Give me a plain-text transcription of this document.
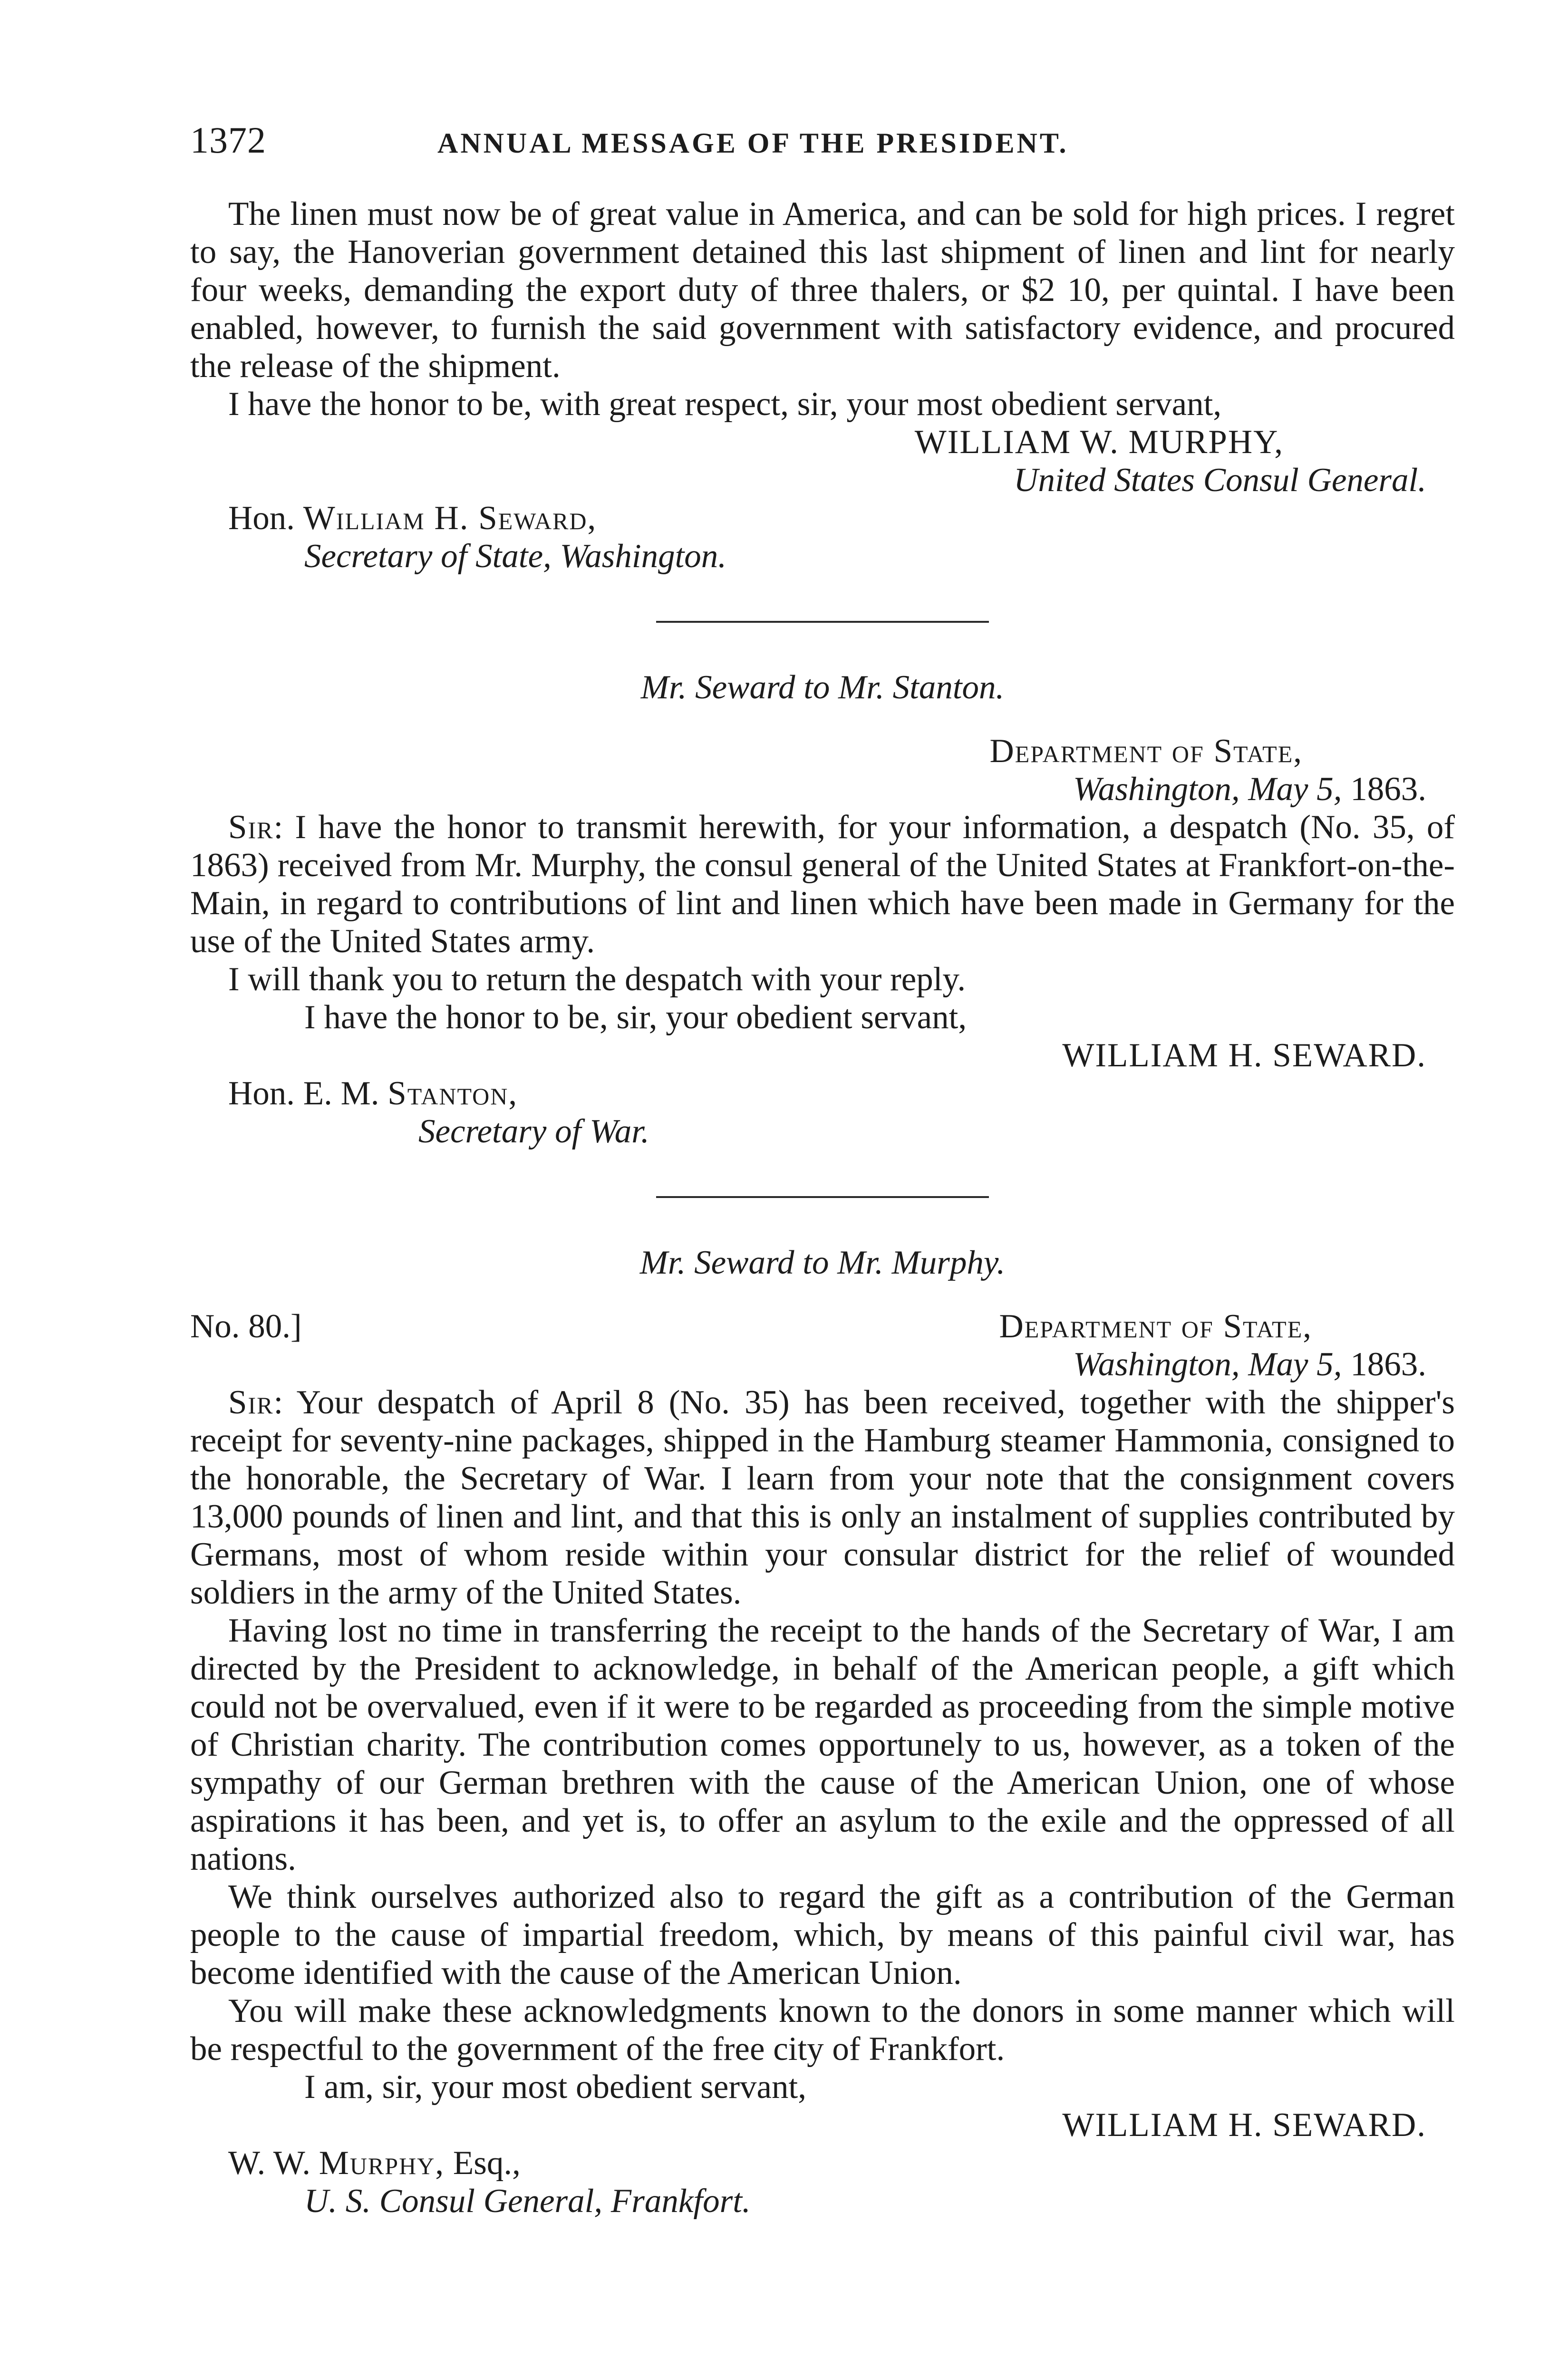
1372	ANNUAL MESSAGE OF THE PRESIDENT.

The linen must now be of great value in America, and can be sold for high prices. I regret to say, the Hanoverian government detained this last shipment of linen and lint for nearly four weeks, demanding the export duty of three thalers, or $2 10, per quintal. I have been enabled, however, to furnish the said government with satisfactory evidence, and procured the release of the shipment.

I have the honor to be, with great respect, sir, your most obedient servant,

WILLIAM W. MURPHY,
United States Consul General.
Hon. William H. Seward,
Secretary of State, Washington.
Mr. Seward to Mr. Stanton.
Department of State,
Washington, May 5, 1863.

Sir: I have the honor to transmit herewith, for your information, a despatch (No. 35, of 1863) received from Mr. Murphy, the consul general of the United States at Frankfort-on-the-Main, in regard to contributions of lint and linen which have been made in Germany for the use of the United States army.

I will thank you to return the despatch with your reply.

I have the honor to be, sir, your obedient servant,
WILLIAM H. SEWARD.
Hon. E. M. Stanton,
Secretary of War.
Mr. Seward to Mr. Murphy.
No. 80.]	Department of State,
Washington, May 5, 1863.

Sir: Your despatch of April 8 (No. 35) has been received, together with the shipper's receipt for seventy-nine packages, shipped in the Hamburg steamer Hammonia, consigned to the honorable, the Secretary of War. I learn from your note that the consignment covers 13,000 pounds of linen and lint, and that this is only an instalment of supplies contributed by Germans, most of whom reside within your consular district for the relief of wounded soldiers in the army of the United States.

Having lost no time in transferring the receipt to the hands of the Secretary of War, I am directed by the President to acknowledge, in behalf of the American people, a gift which could not be overvalued, even if it were to be regarded as proceeding from the simple motive of Christian charity. The contribution comes opportunely to us, however, as a token of the sympathy of our German brethren with the cause of the American Union, one of whose aspirations it has been, and yet is, to offer an asylum to the exile and the oppressed of all nations.

We think ourselves authorized also to regard the gift as a contribution of the German people to the cause of impartial freedom, which, by means of this painful civil war, has become identified with the cause of the American Union.

You will make these acknowledgments known to the donors in some manner which will be respectful to the government of the free city of Frankfort.

I am, sir, your most obedient servant,
WILLIAM H. SEWARD.
W. W. Murphy, Esq.,
U. S. Consul General, Frankfort.
